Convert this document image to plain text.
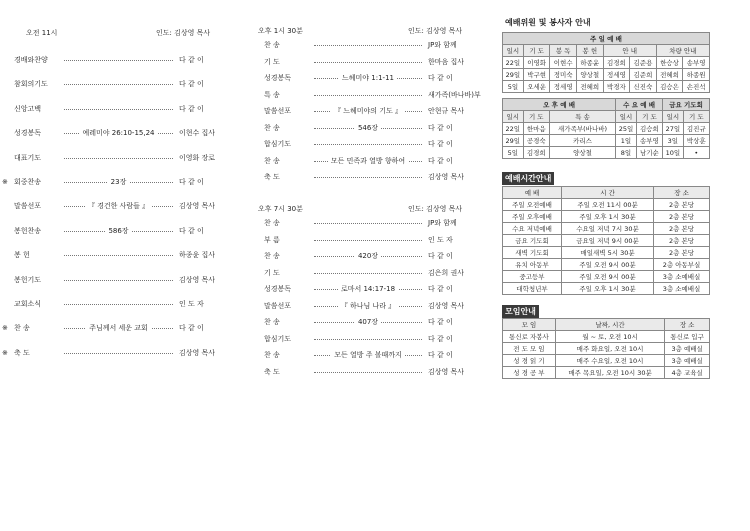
오전 11시	인도: 김상영 목사
경배와찬양	다 같 이
참회의기도	다 같 이
신앙고백	다 같 이
성경봉독	예레미야 26:10-15,24	이현수 집사
대표기도	이영화 장로
※ 회중찬송	23장	다 같 이
말씀선포	『 경건한 사람들 』	김상영 목사
봉헌찬송	586장	다 같 이
봉 헌	하종윤 집사
봉헌기도	김상영 목사
교회소식	인 도 자
※ 찬 송	주님께서 세운 교회	다 같 이
※ 축 도	김상영 목사
오후 1시 30분	인도: 김상영 목사
찬 송	JP와 함께
기 도	한마음 집사
성경봉독	느헤미야 1:1-11	다 같 이
특 송	새가족(바나바)부
말씀선포	『 느헤미야의 기도 』	안현규 목사
찬 송	546장	다 같 이
합심기도	다 같 이
찬 송	모든 민족과 열방 향하여	다 같 이
축 도	김상영 목사
오후 7시 30분	인도: 김상영 목사
찬 송	JP와 함께
부 름	인 도 자
찬 송	420장	다 같 이
기 도	김은희 권사
성경봉독	로마서 14:17-18	다 같 이
말씀선포	『 하나님 나라 』	김상영 목사
찬 송	407장	다 같 이
합심기도	다 같 이
찬 송	모든 열방 주 볼때까지	다 같 이
축 도	김상영 목사
예배위원 및 봉사자 안내
주 일 예 배							
일시	기 도	봉 독	봉 헌	안 내		차량 안내	
22일	이영화	이현수	하종윤	김경희	김준용	한승상	송부영
29일	박구현	정미숙	양상철	정세영	김준희	전혜희	하종원
5일	오세운	정세영	전혜희	박경자	신진숙	김승은	손진석
오 후 예 배			수 요 예 배		금요 기도회	
일시	기 도	특 송	일시	기 도	일시	기 도
22일	한마음	새가족부(바나바)	25일	김승희	27일	김진규
29일	공경숙	카리스	1일	송부영	3일	박상훈
5일	김경희	양상철	8일	남기순	10일	•
예배시간안내
예 배	시 간	장 소
주일 오전예배	주일 오전 11시 00분	2층 본당
주일 오후예배	주일 오후 1시 30분	2층 본당
수요 저녁예배	수요일 저녁 7시 30분	2층 본당
금요 기도회	금요일 저녁 9시 00분	2층 본당
새벽 기도회	매일새벽 5시 30분	2층 본당
유치 아동부	주일 오전 9시 00분	2층 아동부실
중고등부	주일 오전 9시 00분	3층 소예배실
대학청년부	주일 오후 1시 30분	3층 소예배실
모임안내
모 임	날짜, 시간	장 소
통신로 자봉사	월 ~ 토, 오전 10시	통신로 입구
전 도 모 임	매주 화요일, 오전 10시	3층 예배실
성 경 읽 기	매주 수요일, 오전 10시	3층 예배실
성 경 공 부	매주 목요일, 오전 10시 30분	4층 교육실
